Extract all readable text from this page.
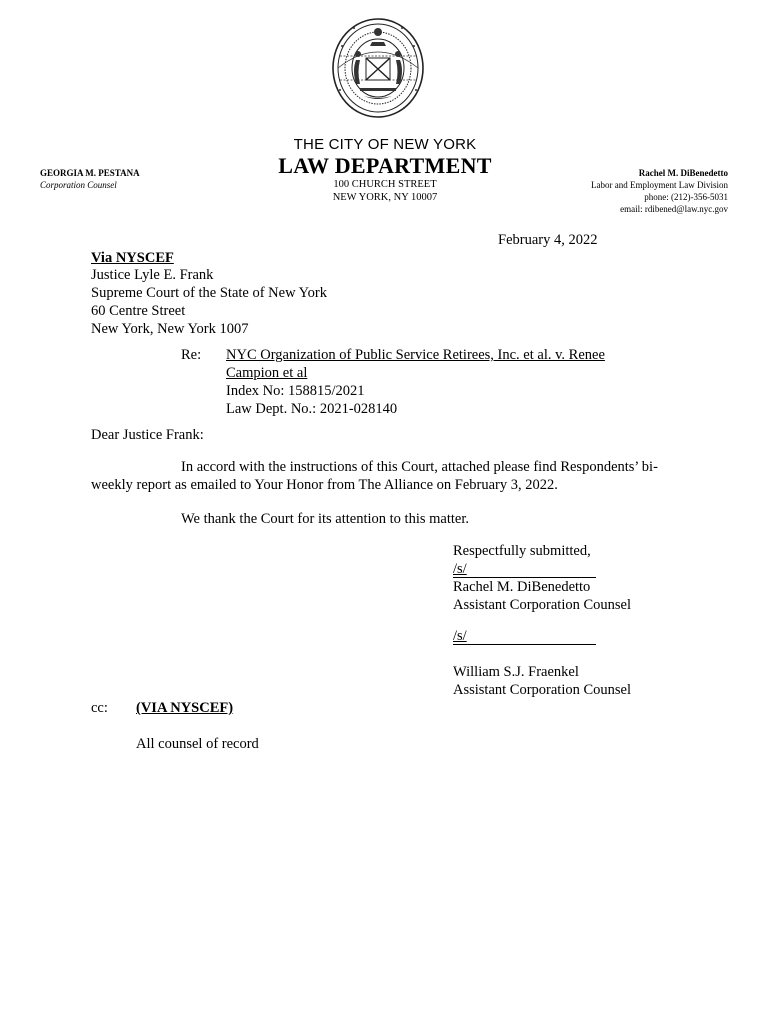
THE CITY OF NEW YORK
LAW DEPARTMENT
100 CHURCH STREET
NEW YORK, NY 10007
GEORGIA M. PESTANA
Corporation Counsel
Rachel M. DiBenedetto
Labor and Employment Law Division
phone: (212)-356-5031
email: rdibened@law.nyc.gov
February 4, 2022
Via NYSCEF
Justice Lyle E. Frank
Supreme Court of the State of New York
60 Centre Street
New York, New York 1007
Re: NYC Organization of Public Service Retirees, Inc. et al. v. Renee
Campion et al
Index No: 158815/2021
Law Dept. No.: 2021-028140
Dear Justice Frank:
In accord with the instructions of this Court, attached please find Respondents’ bi-
weekly report as emailed to Your Honor from The Alliance on February 3, 2022.
We thank the Court for its attention to this matter.
Respectfully submitted,
/s/
Rachel M. DiBenedetto
Assistant Corporation Counsel
/s/
William S.J. Fraenkel
Assistant Corporation Counsel
cc: (VIA NYSCEF)
All counsel of record
